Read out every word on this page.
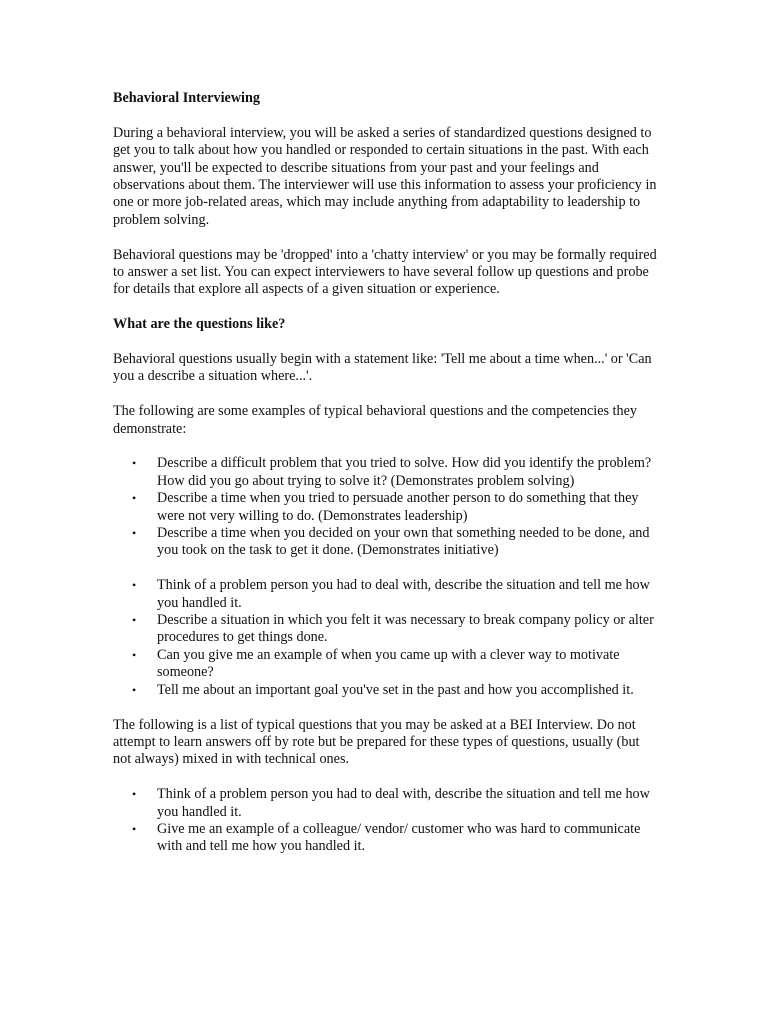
Behavioral Interviewing

During a behavioral interview, you will be asked a series of standardized questions designed to get you to talk about how you handled or responded to certain situations in the past. With each answer, you'll be expected to describe situations from your past and your feelings and observations about them. The interviewer will use this information to assess your proficiency in one or more job-related areas, which may include anything from adaptability to leadership to problem solving.

Behavioral questions may be 'dropped' into a 'chatty interview' or you may be formally required to answer a set list. You can expect interviewers to have several follow up questions and probe for details that explore all aspects of a given situation or experience.

What are the questions like?

Behavioral questions usually begin with a statement like: 'Tell me about a time when...' or 'Can you a describe a situation where...'.

The following are some examples of typical behavioral questions and the competencies they demonstrate:

• Describe a difficult problem that you tried to solve. How did you identify the problem? How did you go about trying to solve it? (Demonstrates problem solving)
• Describe a time when you tried to persuade another person to do something that they were not very willing to do. (Demonstrates leadership)
• Describe a time when you decided on your own that something needed to be done, and you took on the task to get it done. (Demonstrates initiative)
• Think of a problem person you had to deal with, describe the situation and tell me how you handled it.
• Describe a situation in which you felt it was necessary to break company policy or alter procedures to get things done.
• Can you give me an example of when you came up with a clever way to motivate someone?
• Tell me about an important goal you've set in the past and how you accomplished it.

The following is a list of typical questions that you may be asked at a BEI Interview. Do not attempt to learn answers off by rote but be prepared for these types of questions, usually (but not always) mixed in with technical ones.

• Think of a problem person you had to deal with, describe the situation and tell me how you handled it.
• Give me an example of a colleague/ vendor/ customer who was hard to communicate with and tell me how you handled it.
